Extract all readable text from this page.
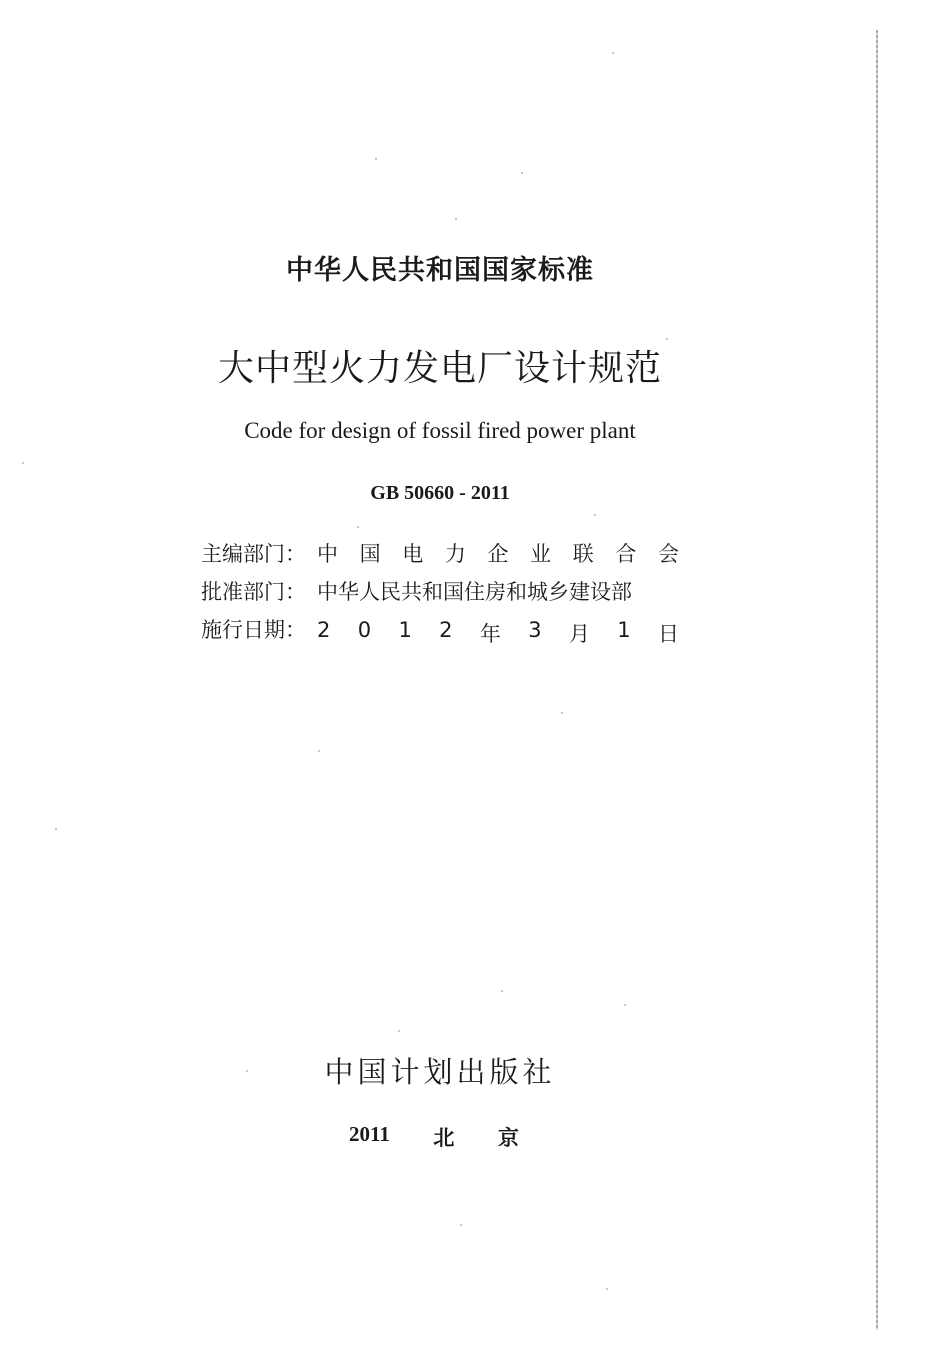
中华人民共和国国家标准
大中型火力发电厂设计规范
Code for design of fossil fired power plant
GB 50660 - 2011
主编部门： 中 国 电 力 企 业 联 合 会
批准部门： 中华人民共和国住房和城乡建设部
施行日期： 2 0 1 2 年 3 月 1 日
中国计划出版社
2011 北 京
